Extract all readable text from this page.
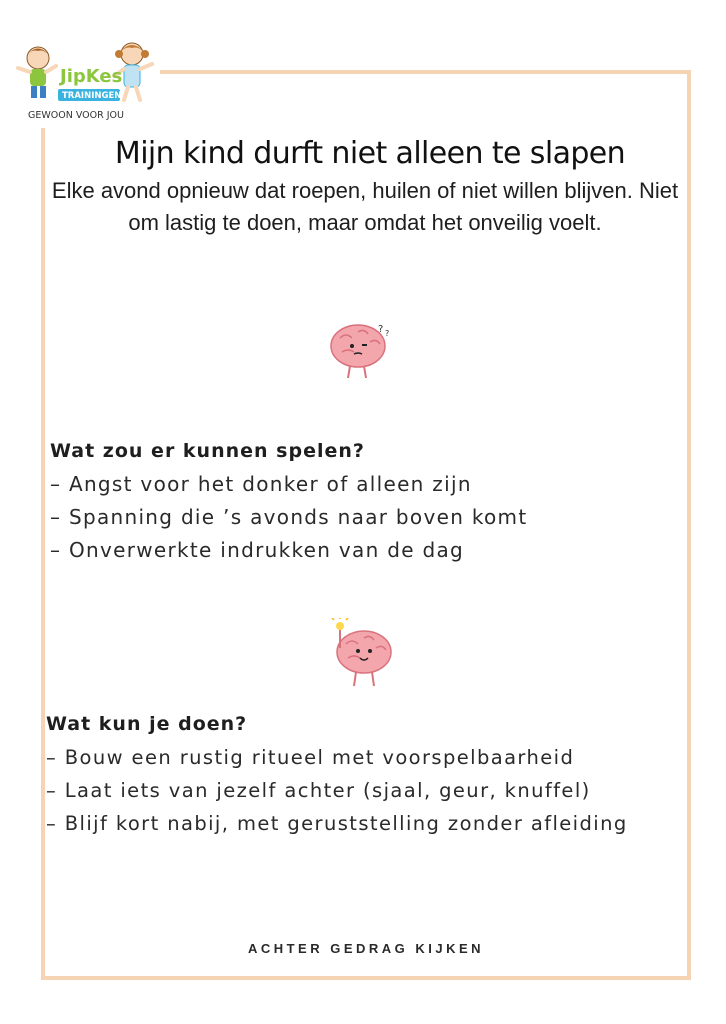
JipKes
TRAININGEN
GEWOON VOOR JOU
Mijn kind durft niet alleen te slapen

Elke avond opnieuw dat roepen, huilen of niet willen blijven. Niet om lastig te doen, maar omdat het onveilig voelt.

? ?
Wat zou er kunnen spelen?
– Angst voor het donker of alleen zijn
– Spanning die ’s avonds naar boven komt
– Onverwerkte indrukken van de dag
Wat kun je doen?
– Bouw een rustig ritueel met voorspelbaarheid
– Laat iets van jezelf achter (sjaal, geur, knuffel)
– Blijf kort nabij, met geruststelling zonder afleiding
ACHTER GEDRAG KIJKEN
